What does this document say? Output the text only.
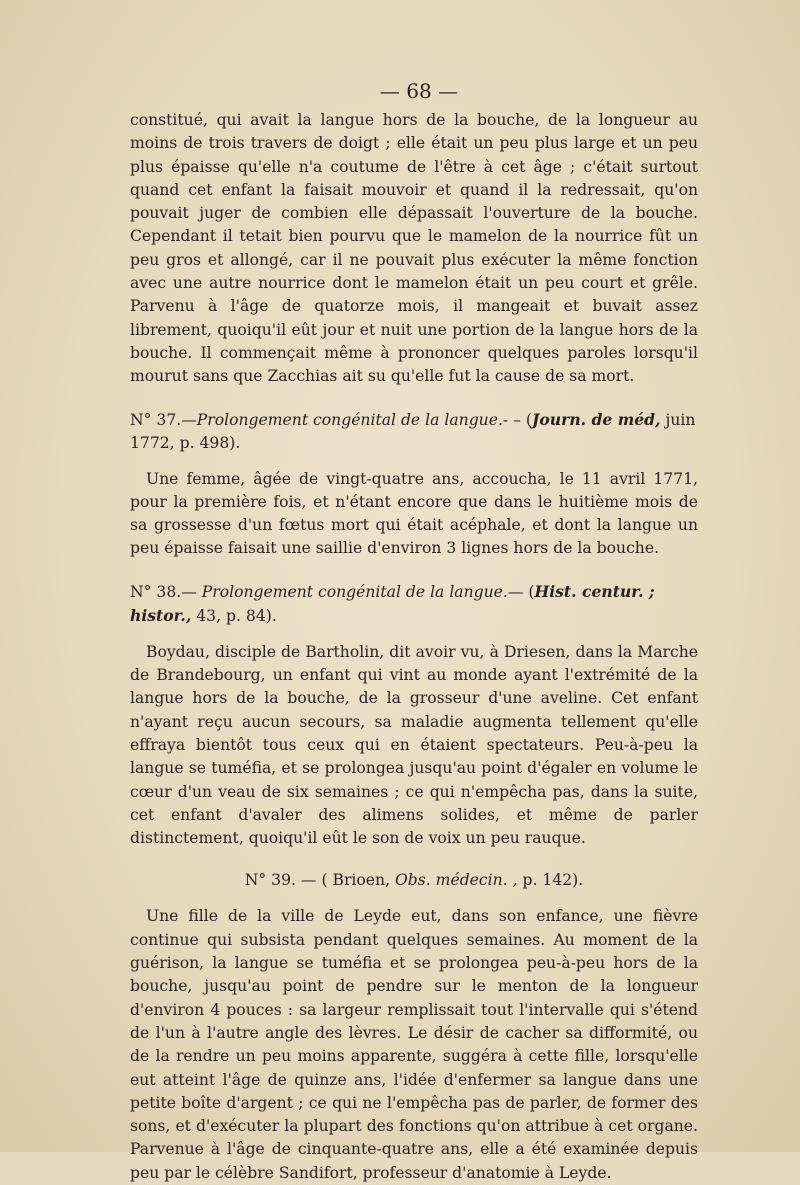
— 68 —

constitué, qui avait la langue hors de la bouche, de la longueur au moins de trois travers de doigt ; elle était un peu plus large et un peu plus épaisse qu'elle n'a coutume de l'être à cet âge ; c'était surtout quand cet enfant la faisait mouvoir et quand il la redressait, qu'on pouvait juger de combien elle dépassait l'ouverture de la bouche. Cependant il tetait bien pourvu que le mamelon de la nourrice fût un peu gros et allongé, car il ne pouvait plus exécuter la même fonction avec une autre nourrice dont le mamelon était un peu court et grêle. Parvenu à l'âge de quatorze mois, il mangeait et buvait assez librement, quoiqu'il eût jour et nuit une portion de la langue hors de la bouche. Il commençait même à prononcer quelques paroles lorsqu'il mourut sans que Zacchias ait su qu'elle fut la cause de sa mort.

N° 37.—Prolongement congénital de la langue.- – (Journ. de méd, juin 1772, p. 498).

Une femme, âgée de vingt-quatre ans, accoucha, le 11 avril 1771, pour la première fois, et n'étant encore que dans le huitième mois de sa grossesse d'un fœtus mort qui était acéphale, et dont la langue un peu épaisse faisait une saillie d'environ 3 lignes hors de la bouche.

N° 38.— Prolongement congénital de la langue.— (Hist. centur. ; histor., 43, p. 84).

Boydau, disciple de Bartholin, dit avoir vu, à Driesen, dans la Marche de Brandebourg, un enfant qui vint au monde ayant l'extrémité de la langue hors de la bouche, de la grosseur d'une aveline. Cet enfant n'ayant reçu aucun secours, sa maladie augmenta tellement qu'elle effraya bientôt tous ceux qui en étaient spectateurs. Peu-à-peu la langue se tuméfia, et se prolongea jusqu'au point d'égaler en volume le cœur d'un veau de six semaines ; ce qui n'empêcha pas, dans la suite, cet enfant d'avaler des alimens solides, et même de parler distinctement, quoiqu'il eût le son de voix un peu rauque.

N° 39. — ( Brioen, Obs. médecin. , p. 142).

Une fille de la ville de Leyde eut, dans son enfance, une fièvre continue qui subsista pendant quelques semaines. Au moment de la guérison, la langue se tuméfia et se prolongea peu-à-peu hors de la bouche, jusqu'au point de pendre sur le menton de la longueur d'environ 4 pouces : sa largeur remplissait tout l'intervalle qui s'étend de l'un à l'autre angle des lèvres. Le désir de cacher sa difformité, ou de la rendre un peu moins apparente, suggéra à cette fille, lorsqu'elle eut atteint l'âge de quinze ans, l'idée d'enfermer sa langue dans une petite boîte d'argent ; ce qui ne l'empêcha pas de parler, de former des sons, et d'exécuter la plupart des fonctions qu'on attribue à cet organe. Parvenue à l'âge de cinquante-quatre ans, elle a été examinée depuis peu par le célèbre Sandifort, professeur d'anatomie à Leyde.
